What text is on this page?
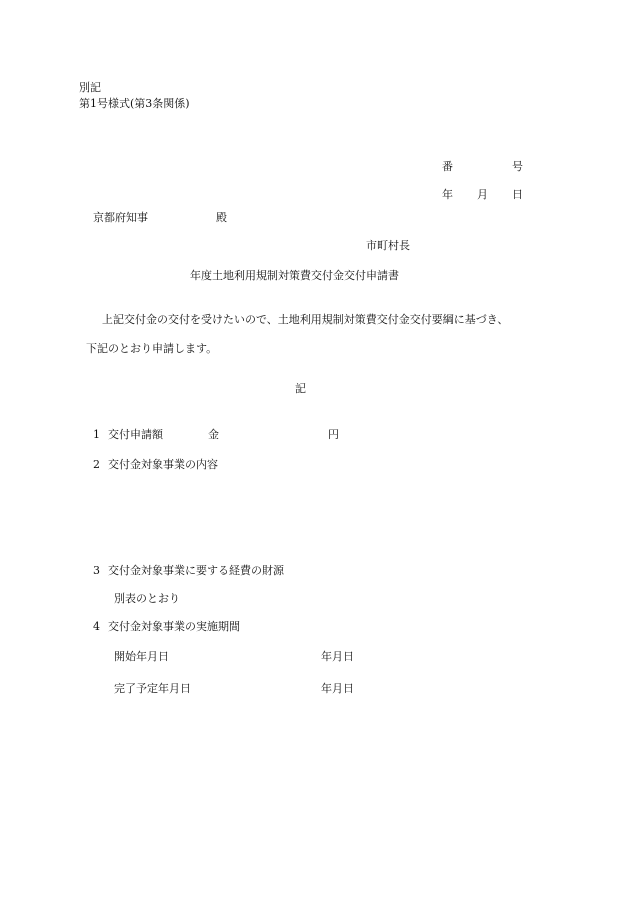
別記
第1号様式(第3条関係)
番	号
年 月 日
京都府知事	殿
市町村長
年度土地利用規制対策費交付金交付申請書
上記交付金の交付を受けたいので、土地利用規制対策費交付金交付要綱に基づき、
下記のとおり申請します。
記
1 交付申請額	金	円
2 交付金対象事業の内容
3 交付金対象事業に要する経費の財源
別表のとおり
4 交付金対象事業の実施期間
開始年月日	年月日
完了予定年月日	年月日
